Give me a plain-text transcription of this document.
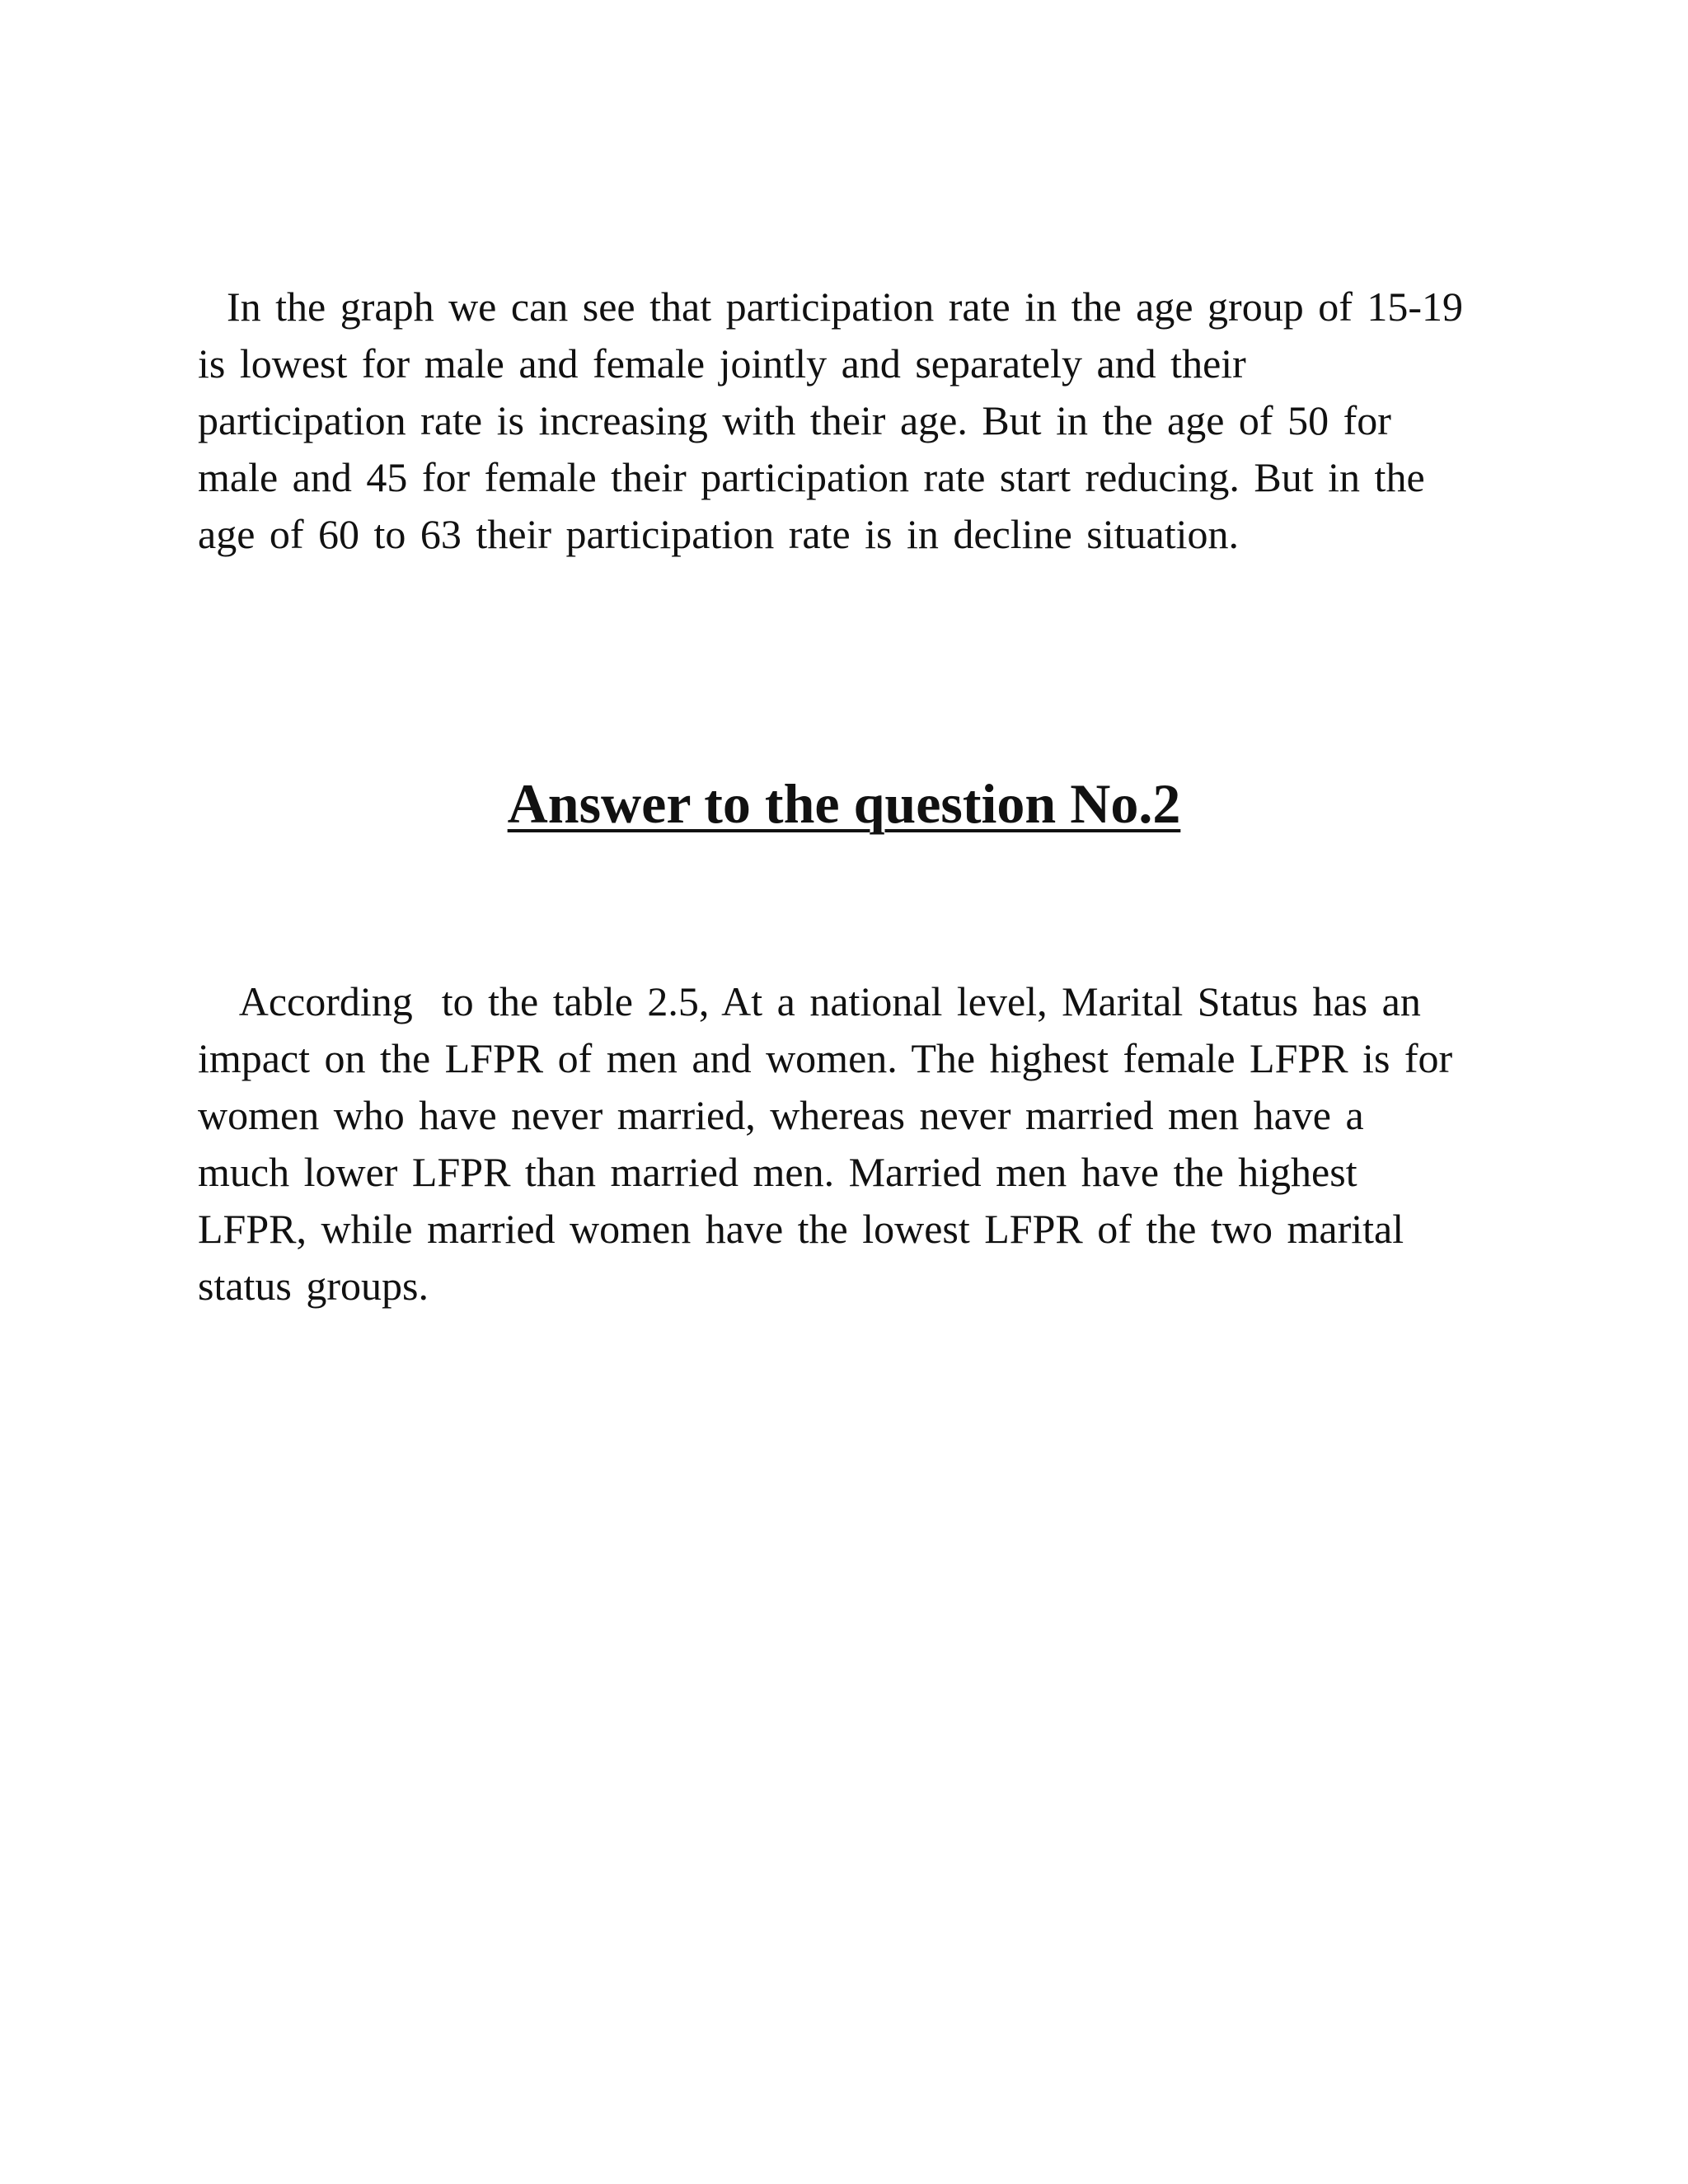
In the graph we can see that participation rate in the age group of 15-19
is lowest for male and female jointly and separately and their
participation rate is increasing with their age. But in the age of 50 for
male and 45 for female their participation rate start reducing. But in the
age of 60 to 63 their participation rate is in decline situation.
Answer to the question No.2
According  to the table 2.5, At a national level, Marital Status has an
impact on the LFPR of men and women. The highest female LFPR is for
women who have never married, whereas never married men have a
much lower LFPR than married men. Married men have the highest
LFPR, while married women have the lowest LFPR of the two marital
status groups.
